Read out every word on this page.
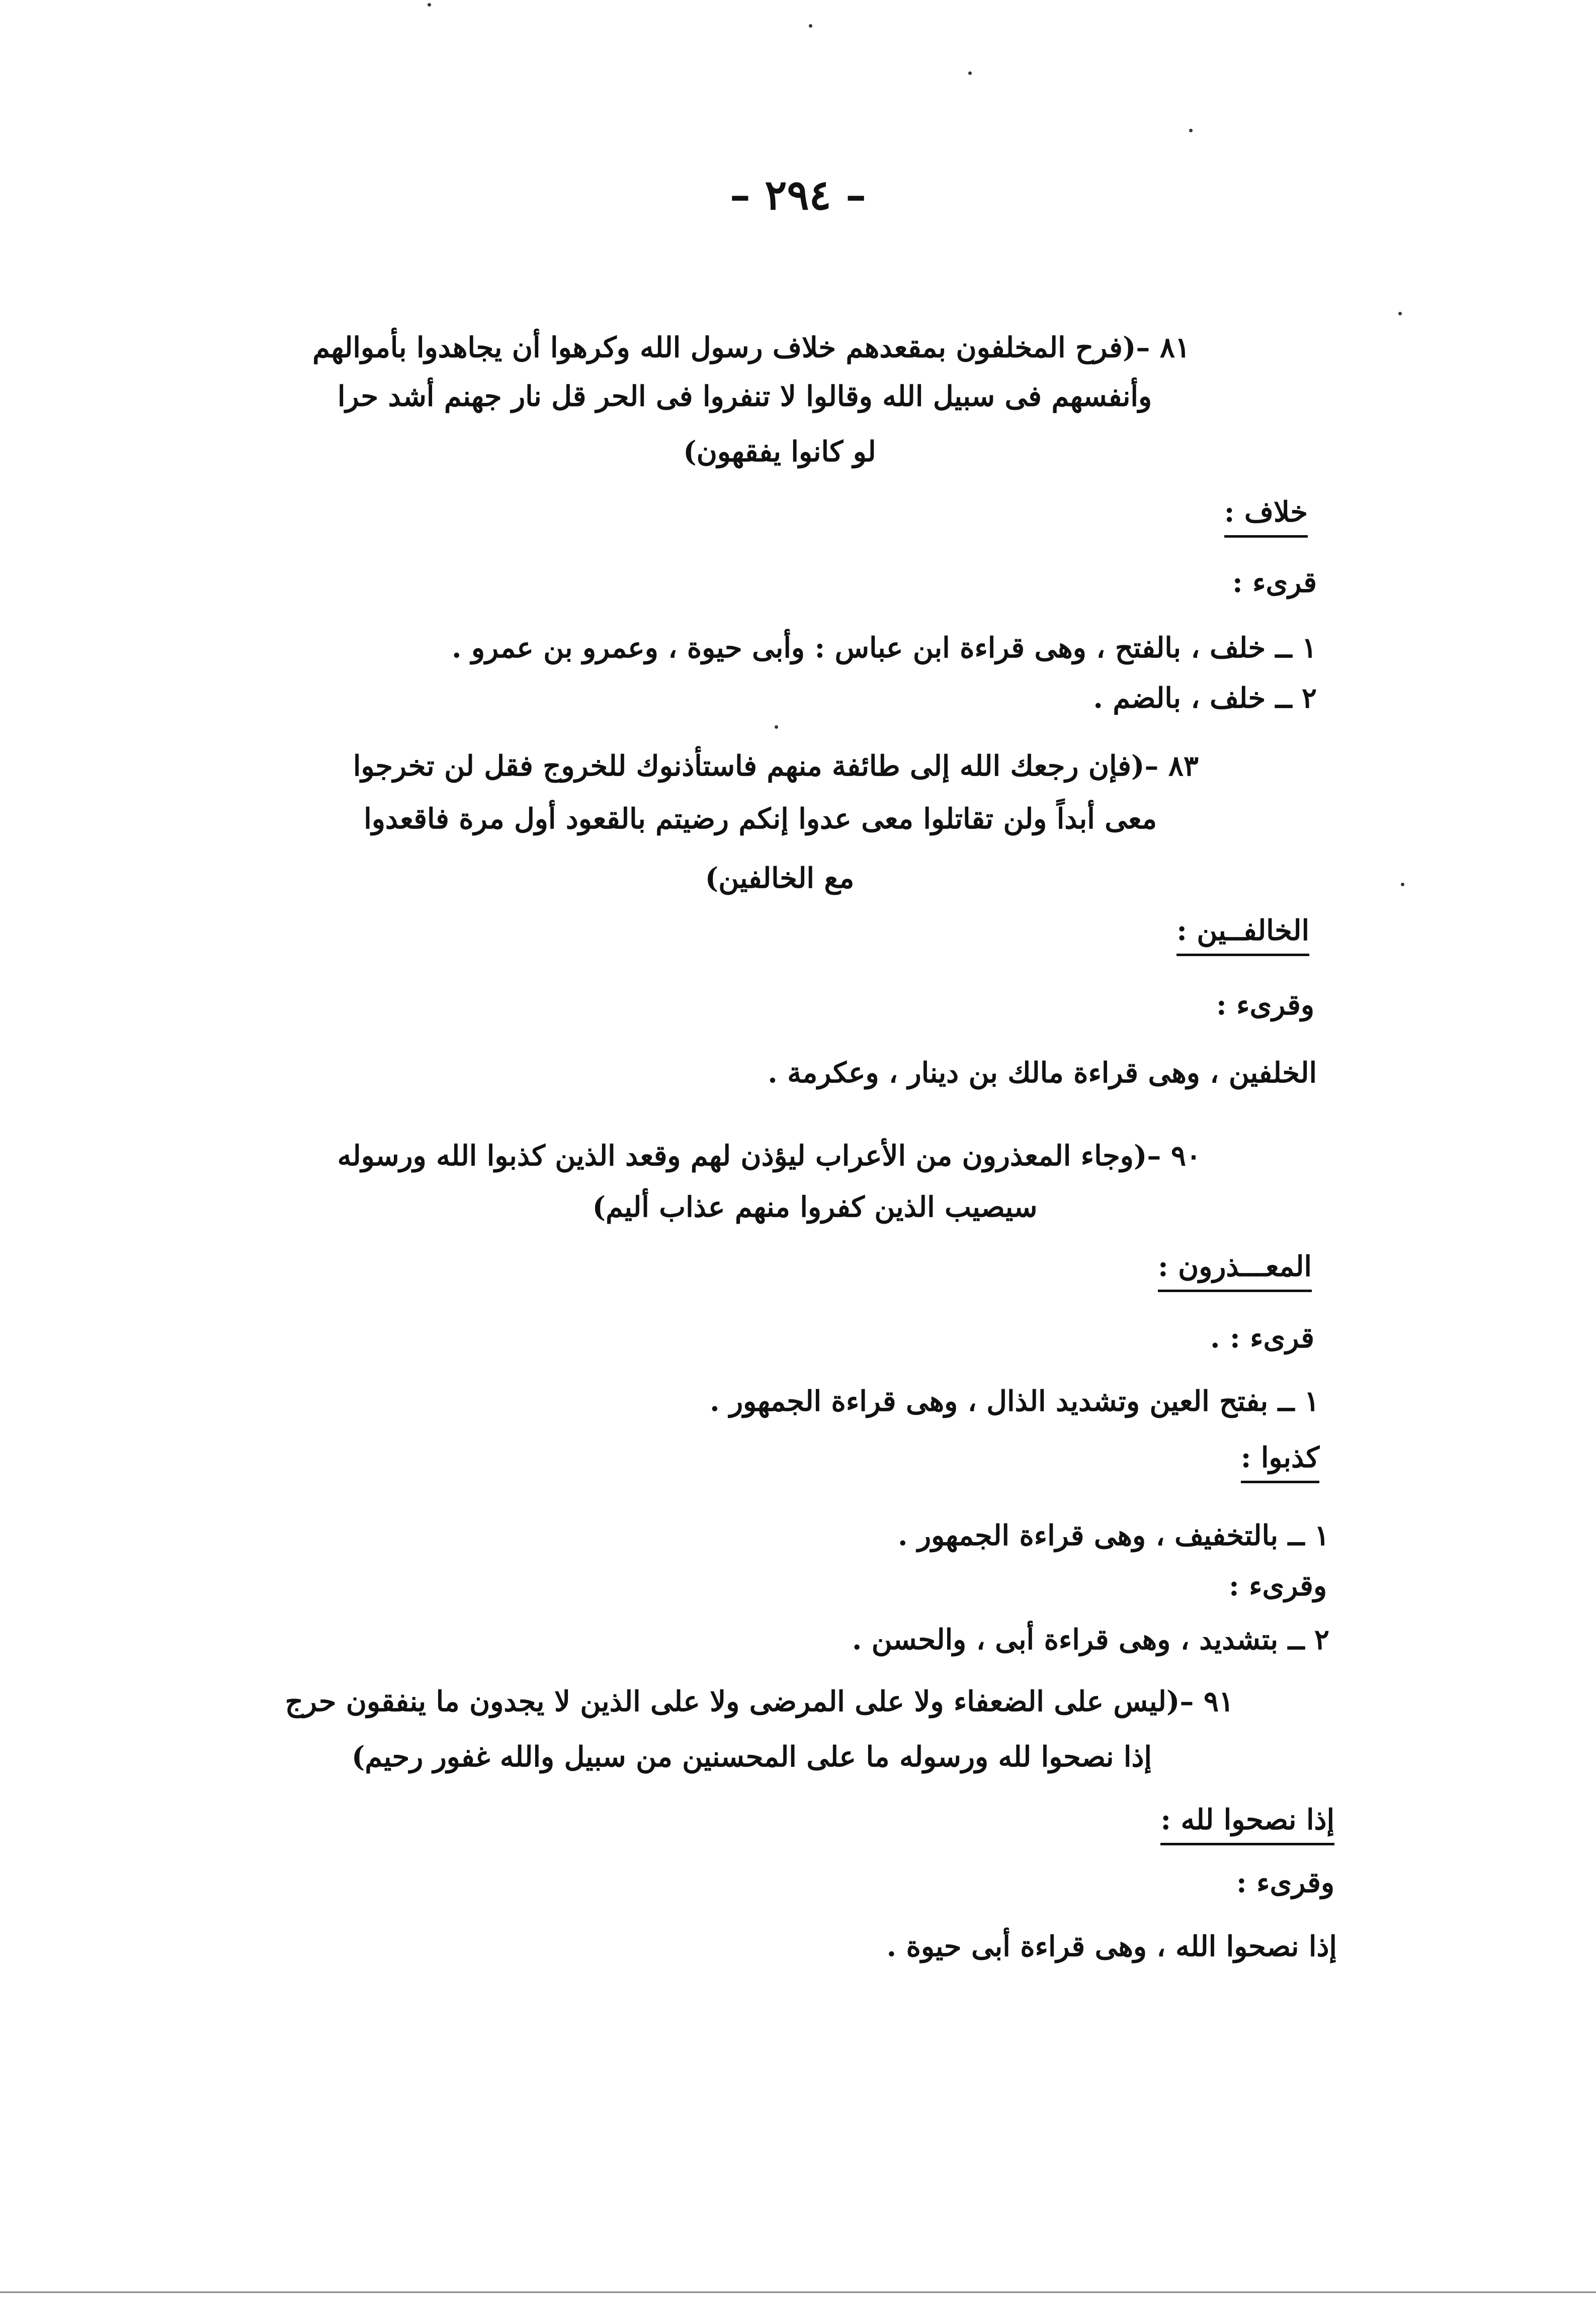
– ٢٩٤ –
٨١ –(فرح المخلفون بمقعدهم خلاف رسول الله وكرهوا أن يجاهدوا بأموالهم
وأنفسهم فى سبيل الله وقالوا لا تنفروا فى الحر قل نار جهنم أشد حرا
لو كانوا يفقهون)
خلاف :
قرىء :
١ ــ خلف ، بالفتح ، وهى قراءة ابن عباس : وأبى حيوة ، وعمرو بن عمرو .
٢ ــ خلف ، بالضم .
٨٣ –(فإن رجعك الله إلى طائفة منهم فاستأذنوك للخروج فقل لن تخرجوا
معى أبداً ولن تقاتلوا معى عدوا إنكم رضيتم بالقعود أول مرة فاقعدوا
مع الخالفين)
الخالفــين :
وقرىء :
الخلفين ، وهى قراءة مالك بن دينار ، وعكرمة .
٩٠ –(وجاء المعذرون من الأعراب ليؤذن لهم وقعد الذين كذبوا الله ورسوله
سيصيب الذين كفروا منهم عذاب أليم)
المعـــذرون :
قرىء : .
١ ــ بفتح العين وتشديد الذال ، وهى قراءة الجمهور .
كذبوا :
١ ــ بالتخفيف ، وهى قراءة الجمهور .
وقرىء :
٢ ــ بتشديد ، وهى قراءة أبى ، والحسن .
٩١ –(ليس على الضعفاء ولا على المرضى ولا على الذين لا يجدون ما ينفقون حرج
إذا نصحوا لله ورسوله ما على المحسنين من سبيل والله غفور رحيم)
إذا نصحوا لله :
وقرىء :
إذا نصحوا الله ، وهى قراءة أبى حيوة .
